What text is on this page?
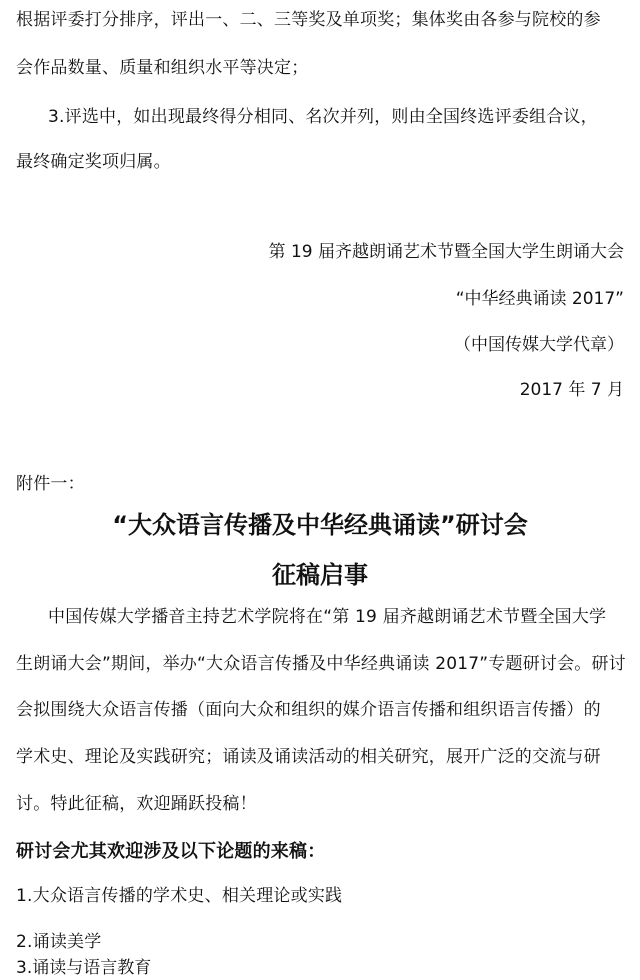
根据评委打分排序，评出一、二、三等奖及单项奖；集体奖由各参与院校的参
会作品数量、质量和组织水平等决定；
3.评选中，如出现最终得分相同、名次并列，则由全国终选评委组合议，
最终确定奖项归属。
第 19 届齐越朗诵艺术节暨全国大学生朗诵大会
“中华经典诵读 2017”
（中国传媒大学代章）
2017 年 7 月
附件一：
“大众语言传播及中华经典诵读”研讨会
征稿启事
中国传媒大学播音主持艺术学院将在“第 19 届齐越朗诵艺术节暨全国大学
生朗诵大会”期间，举办“大众语言传播及中华经典诵读 2017”专题研讨会。研讨
会拟围绕大众语言传播（面向大众和组织的媒介语言传播和组织语言传播）的
学术史、理论及实践研究；诵读及诵读活动的相关研究，展开广泛的交流与研
讨。特此征稿，欢迎踊跃投稿！
研讨会尤其欢迎涉及以下论题的来稿：
1.大众语言传播的学术史、相关理论或实践
2.诵读美学
3.诵读与语言教育
